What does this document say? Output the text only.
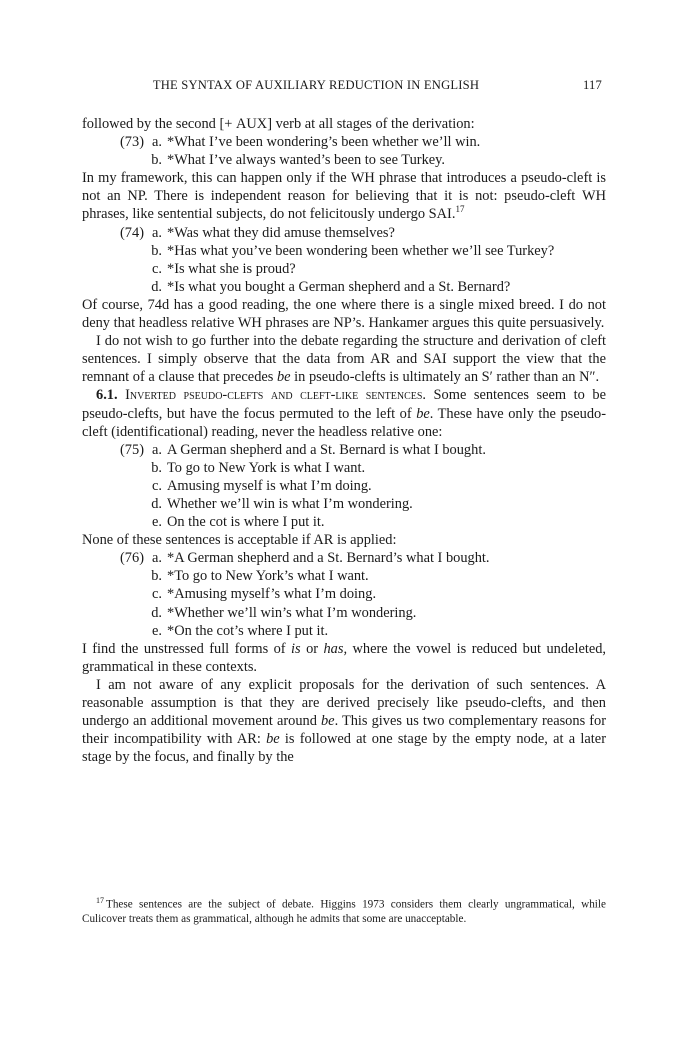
THE SYNTAX OF AUXILIARY REDUCTION IN ENGLISH	117

followed by the second [+ AUX] verb at all stages of the derivation:

(73) a. *What I’ve been wondering’s been whether we’ll win.
b. *What I’ve always wanted’s been to see Turkey.

In my framework, this can happen only if the WH phrase that introduces a pseudo-cleft is not an NP. There is independent reason for believing that it is not: pseudo-cleft WH phrases, like sentential subjects, do not felicitously undergo SAI.$^{17}$

(74) a. *Was what they did amuse themselves?
b. *Has what you’ve been wondering been whether we’ll see Turkey?
c. *Is what she is proud?
d. *Is what you bought a German shepherd and a St. Bernard?

Of course, 74d has a good reading, the one where there is a single mixed breed. I do not deny that headless relative WH phrases are NP’s. Hankamer argues this quite persuasively.

I do not wish to go further into the debate regarding the structure and derivation of cleft sentences. I simply observe that the data from AR and SAI support the view that the remnant of a clause that precedes be in pseudo-clefts is ultimately an S′ rather than an N″.

6.1. Inverted pseudo-clefts and cleft-like sentences. Some sentences seem to be pseudo-clefts, but have the focus permuted to the left of be. These have only the pseudo-cleft (identificational) reading, never the headless relative one:

(75) a. A German shepherd and a St. Bernard is what I bought.
b. To go to New York is what I want.
c. Amusing myself is what I’m doing.
d. Whether we’ll win is what I’m wondering.
e. On the cot is where I put it.

None of these sentences is acceptable if AR is applied:

(76) a. *A German shepherd and a St. Bernard’s what I bought.
b. *To go to New York’s what I want.
c. *Amusing myself’s what I’m doing.
d. *Whether we’ll win’s what I’m wondering.
e. *On the cot’s where I put it.

I find the unstressed full forms of is or has, where the vowel is reduced but undeleted, grammatical in these contexts.

I am not aware of any explicit proposals for the derivation of such sentences. A reasonable assumption is that they are derived precisely like pseudo-clefts, and then undergo an additional movement around be. This gives us two complementary reasons for their incompatibility with AR: be is followed at one stage by the empty node, at a later stage by the focus, and finally by the

$^{17}$ These sentences are the subject of debate. Higgins 1973 considers them clearly ungrammatical, while Culicover treats them as grammatical, although he admits that some are unacceptable.
